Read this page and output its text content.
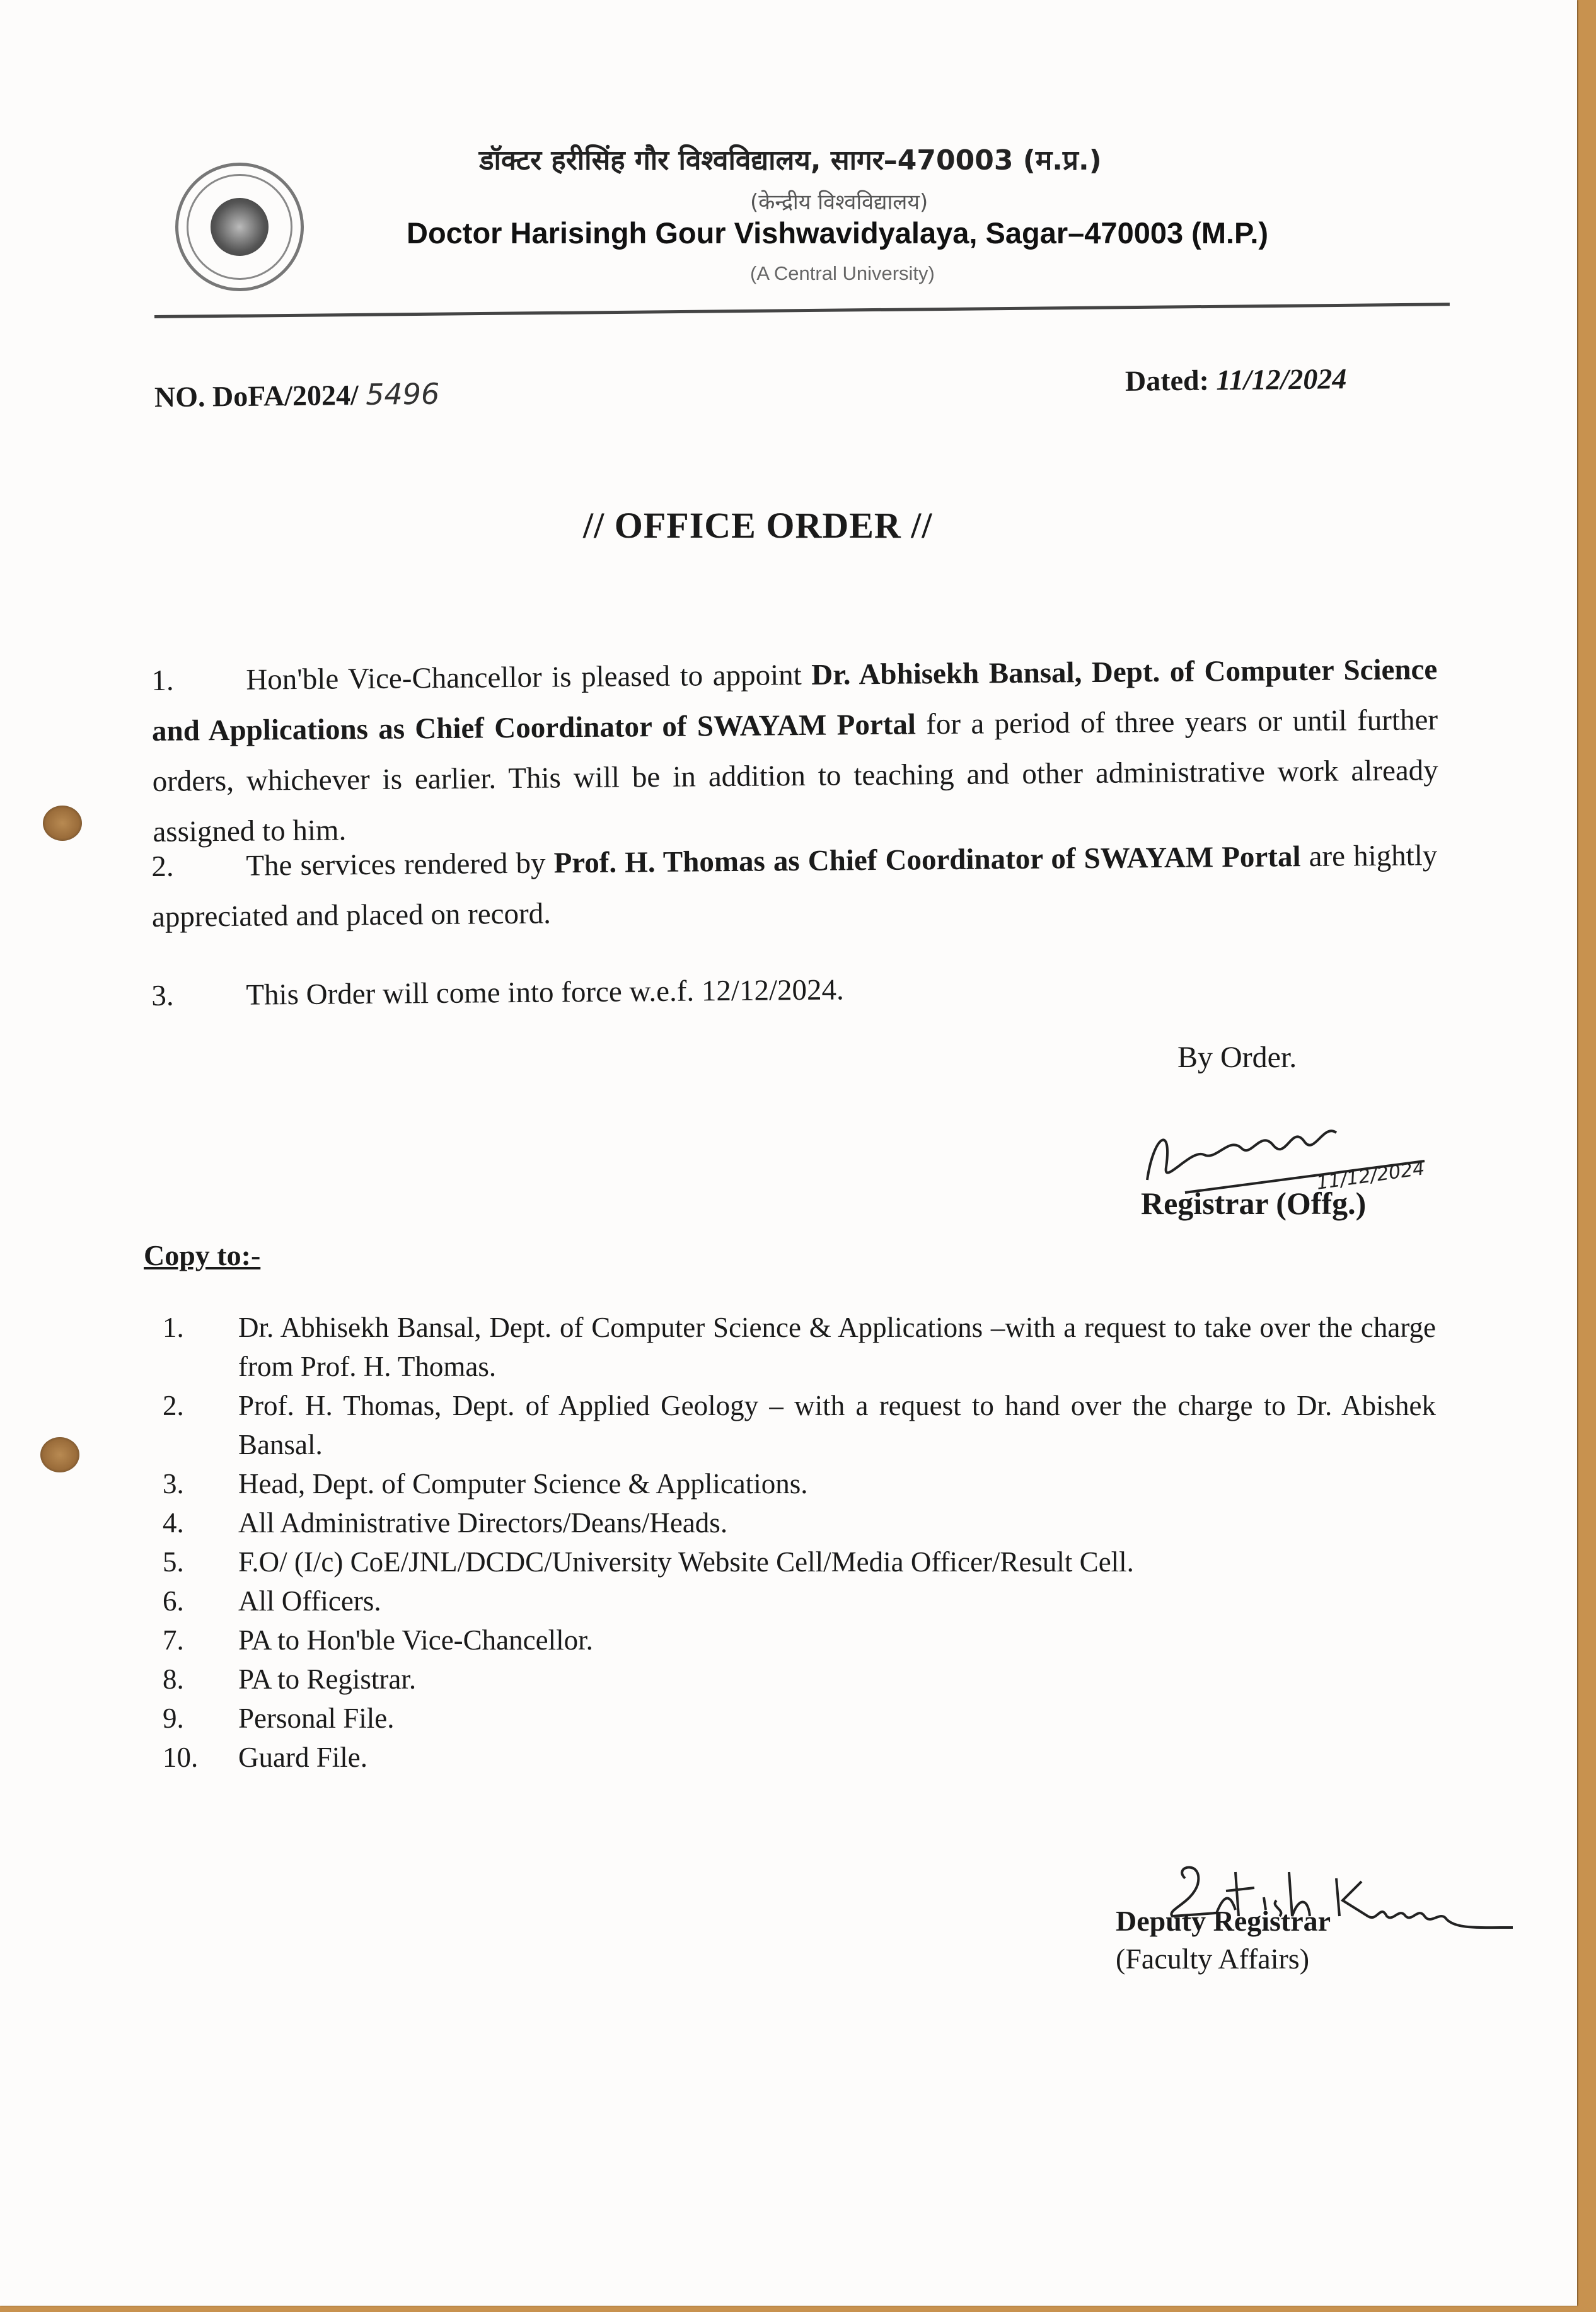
डॉक्टर हरीसिंह गौर विश्वविद्यालय, सागर–470003 (म.प्र.)
(केन्द्रीय विश्वविद्यालय)
Doctor Harisingh Gour Vishwavidyalaya, Sagar–470003 (M.P.)
(A Central University)
NO. DoFA/2024/ 5496	Dated: 11/12/2024
// OFFICE ORDER //
1. Hon'ble Vice-Chancellor is pleased to appoint Dr. Abhisekh Bansal, Dept. of Computer Science and Applications as Chief Coordinator of SWAYAM Portal for a period of three years or until further orders, whichever is earlier. This will be in addition to teaching and other administrative work already assigned to him.
2. The services rendered by Prof. H. Thomas as Chief Coordinator of SWAYAM Portal are hightly appreciated and placed on record.
3. This Order will come into force w.e.f. 12/12/2024.
By Order.
11/12/2024
Registrar (Offg.)
Copy to:-
1.	Dr. Abhisekh Bansal, Dept. of Computer Science & Applications –with a request to take over the charge from Prof. H. Thomas.
2.	Prof. H. Thomas, Dept. of Applied Geology – with a request to hand over the charge to Dr. Abishek Bansal.
3.	Head, Dept. of Computer Science & Applications.
4.	All Administrative Directors/Deans/Heads.
5.	F.O/ (I/c) CoE/JNL/DCDC/University Website Cell/Media Officer/Result Cell.
6.	All Officers.
7.	PA to Hon'ble Vice-Chancellor.
8.	PA to Registrar.
9.	Personal File.
10.	Guard File.
Deputy Registrar
(Faculty Affairs)
